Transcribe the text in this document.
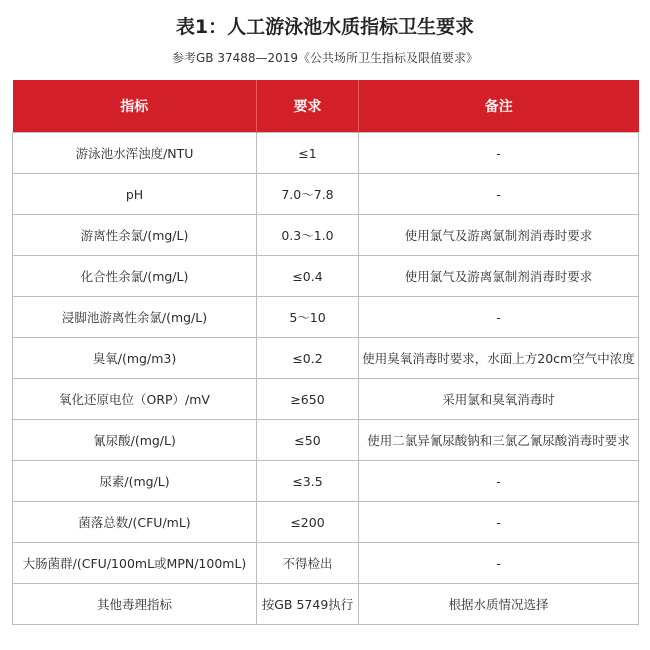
表1：人工游泳池水质指标卫生要求
参考GB 37488—2019《公共场所卫生指标及限值要求》
指标	要求	备注
游泳池水浑浊度/NTU	≤1	-
pH	7.0～7.8	-
游离性余氯/(mg/L)	0.3～1.0	使用氯气及游离氯制剂消毒时要求
化合性余氯/(mg/L)	≤0.4	使用氯气及游离氯制剂消毒时要求
浸脚池游离性余氯/(mg/L)	5～10	-
臭氧/(mg/m3)	≤0.2	使用臭氧消毒时要求，水面上方20cm空气中浓度
氧化还原电位（ORP）/mV	≥650	采用氯和臭氧消毒时
氰尿酸/(mg/L)	≤50	使用二氯异氰尿酸钠和三氯乙氰尿酸消毒时要求
尿素/(mg/L)	≤3.5	-
菌落总数/(CFU/mL)	≤200	-
大肠菌群/(CFU/100mL或MPN/100mL)	不得检出	-
其他毒理指标	按GB 5749执行	根据水质情况选择
